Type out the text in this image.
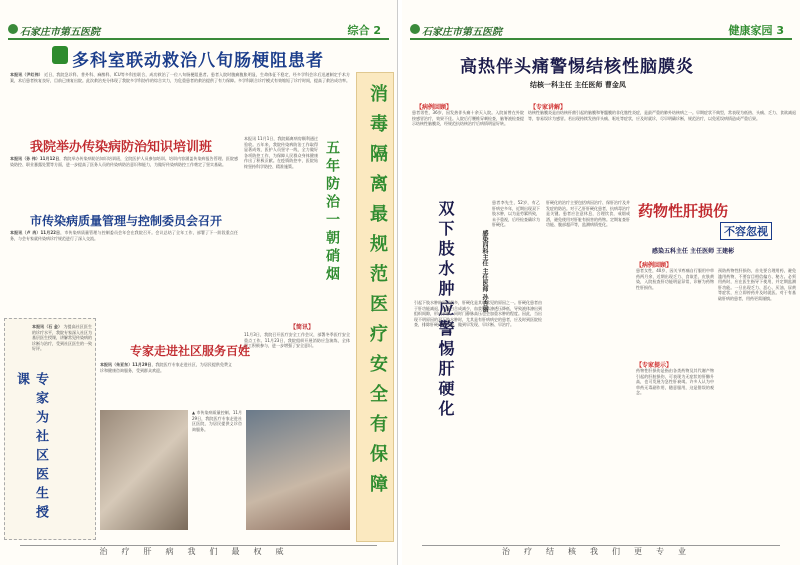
石家庄市第五医院	综合 2
多科室联动救治八旬肠梗阻患者
本报讯（尹红伟） 近日，我院急诊科、普外科、麻醉科、ICU等多科室联合，成功救治了一位八旬肠梗阻患者。患者入院时腹痛腹胀明显，生命体征不稳定，经多学科会诊后迅速制定手术方案，术后患者恢复良好，目前已康复出院。此次救治充分体现了我院多学科协作的综合实力，为危重患者的救治提供了有力保障。多学科联合诊疗模式有效缩短了诊疗时间，提高了救治成功率。
消毒隔离最规范医疗安全有保障
我院举办传染病防治知识培训班
本报讯（孙 伟）11月12日，我院举办传染病防治知识培训班，全院医护人员参加培训。培训内容涵盖传染病报告管理、医院感染防控、职业暴露处置等方面，进一步提高了医务人员的传染病防治意识和能力，为做好传染病防控工作奠定了坚实基础。	五年防治一朝硝烟
本报讯 11月1日，我院隔离病房顺利通过验收。五年来，我院传染病防治工作取得显著成效，医护人员坚守一线，全力做好各项防控工作，为保障人民群众身体健康作出了积极贡献。在疫情防控中，医院始终坚持科学防控、精准施策。
市传染病质量管理与控制委员会召开
本报讯（卢 冉）11月22日，市传染病质量管理与控制委员会年会在我院召开。会议总结了全年工作，部署了下一阶段重点任务，与会专家就传染病诊疗规范进行了深入交流。
【简讯】
11月3日，我院召开医疗安全工作会议，部署冬季医疗安全重点工作。11月23日，我院组织开展消防应急演练，全体职工积极参与，进一步增强了安全意识。
专家为社区医生授课
本报讯（石 金） 为提高社区医生的诊疗水平，我院专家深入社区为基层医生授课，讲解常见传染病的诊断与治疗，受到社区医生的一致好评。	专家走进社区服务百姓
本报讯（朱亚东）11月29日，我院医疗专家走进社区，为居民提供免费义诊和健康咨询服务，受到群众欢迎。
▲ 市传染病质量控制、11月29日，我院医疗专家走进社区医院，为居民提供义诊咨询服务。
治疗肝病我们最权威
石家庄市第五医院	健康家园 3
高热伴头痛警惕结核性脑膜炎
结核一科主任 主任医师 曹金凤
【病例回顾】
患者男性，36岁，因发热伴头痛十余天入院。入院前曾在外院按感冒治疗，效果不佳。入院后行腰椎穿刺检查，脑脊液检查提示结核性脑膜炎，经规范抗结核治疗后病情明显好转。
【专家讲解】
结核性脑膜炎是由结核杆菌引起的脑膜和脊髓膜的非化脓性炎症，是最严重的肺外结核病之一。早期症状不典型，常表现为低热、头痛、乏力、食欲减退等，容易误诊为感冒。若出现持续发热伴头痛、呕吐等症状，应及时就诊，尽早明确诊断，规范治疗，以免延误病情造成严重后果。
双下肢水肿应警惕肝硬化	感染四科主任 主任医师 孙杏丽
患者李先生，52岁，有乙肝病史多年，近期出现双下肢水肿，以为是劳累所致，未予重视，后经检查确诊为肝硬化。
引起下肢水肿的原因很多，肝硬化是其中常见的原因之一。肝硬化患者由于肝功能减退，白蛋白合成减少，血浆胶体渗透压降低，导致液体渗出到组织间隙，形成水肿。同时门静脉高压也会加重水肿的程度。因此，当出现不明原因的双下肢水肿时，尤其是有肝病病史的患者，应及时到医院检查，排除肝硬化的可能，做到早发现、早诊断、早治疗。
肝硬化的治疗主要包括病因治疗、保肝治疗及并发症的防治。对于乙肝肝硬化患者，抗病毒治疗是关键。患者应注意休息，合理饮食，戒烟戒酒，避免使用对肝脏有损害的药物。定期复查肝功能、腹部超声等，监测病情变化。
药物性肝损伤
不容忽视
感染五科主任 主任医师 王建彬
【病例回顾】
患者女性，40岁，因关节疼痛自行服用中草药两月余，近期出现乏力、食欲差、皮肤黄染，入院检查肝功能明显异常，诊断为药物性肝损伤。
【专家提示】
药物性肝损伤是指由各类药物及其代谢产物引起的肝脏损伤，可表现为无症状的肝酶升高，也可发展为急性肝衰竭。许多人认为中草药无毒副作用，随意服用，这是错误的观念。
预防药物性肝损伤，首先要合理用药，避免滥用药物，不要盲目相信偏方、秘方。必须用药时，应在医生指导下使用，并定期监测肝功能。一旦出现乏力、恶心、厌油、尿黄等症状，应立即停药并及时就医。对于有基础肝病的患者，用药更需谨慎。
治疗结核我们更专业
